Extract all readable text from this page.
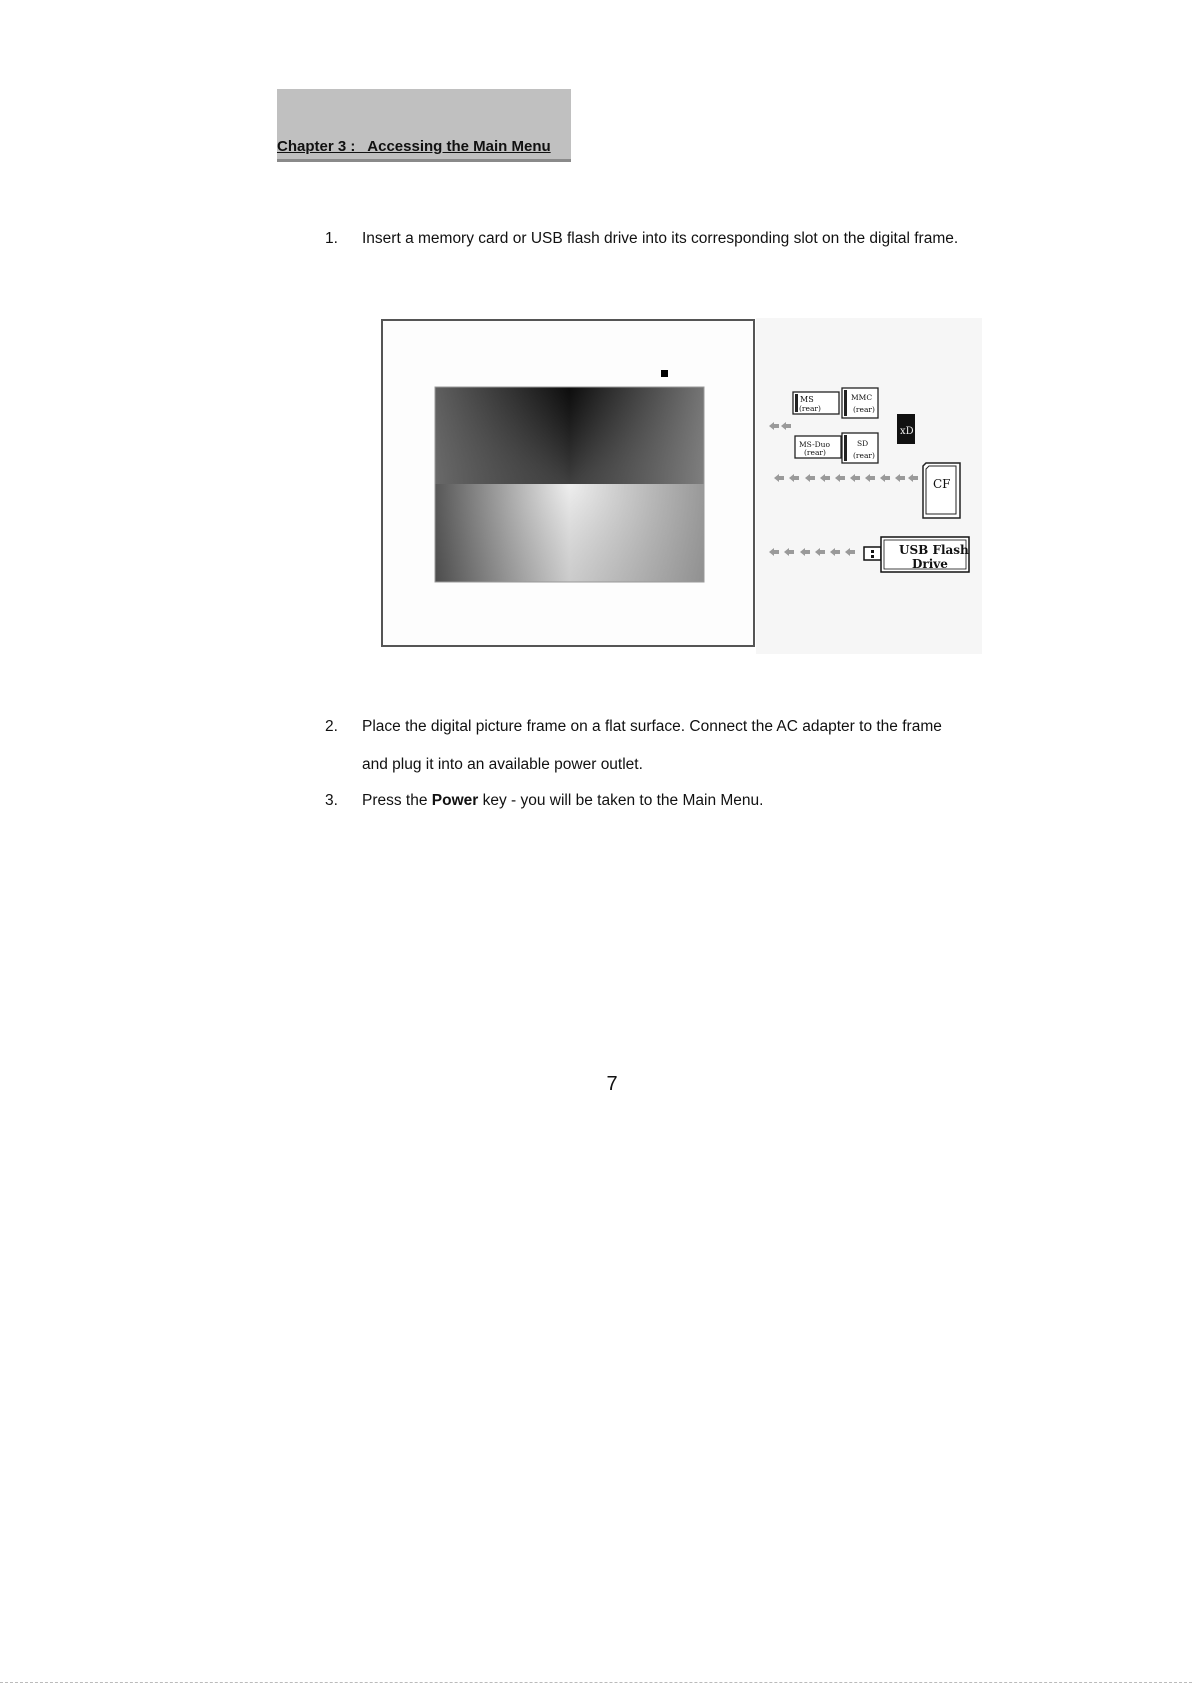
Chapter 3 :   Accessing the Main Menu
1. Insert a memory card or USB flash drive into its corresponding slot on the digital frame.
MS
(rear)
MMC
(rear)
xD
MS-Duo
(rear)
SD
(rear)
CF
USB Flash
Drive
2. Place the digital picture frame on a flat surface. Connect the AC adapter to the frame and plug it into an available power outlet.
3. Press the Power key - you will be taken to the Main Menu.
7
